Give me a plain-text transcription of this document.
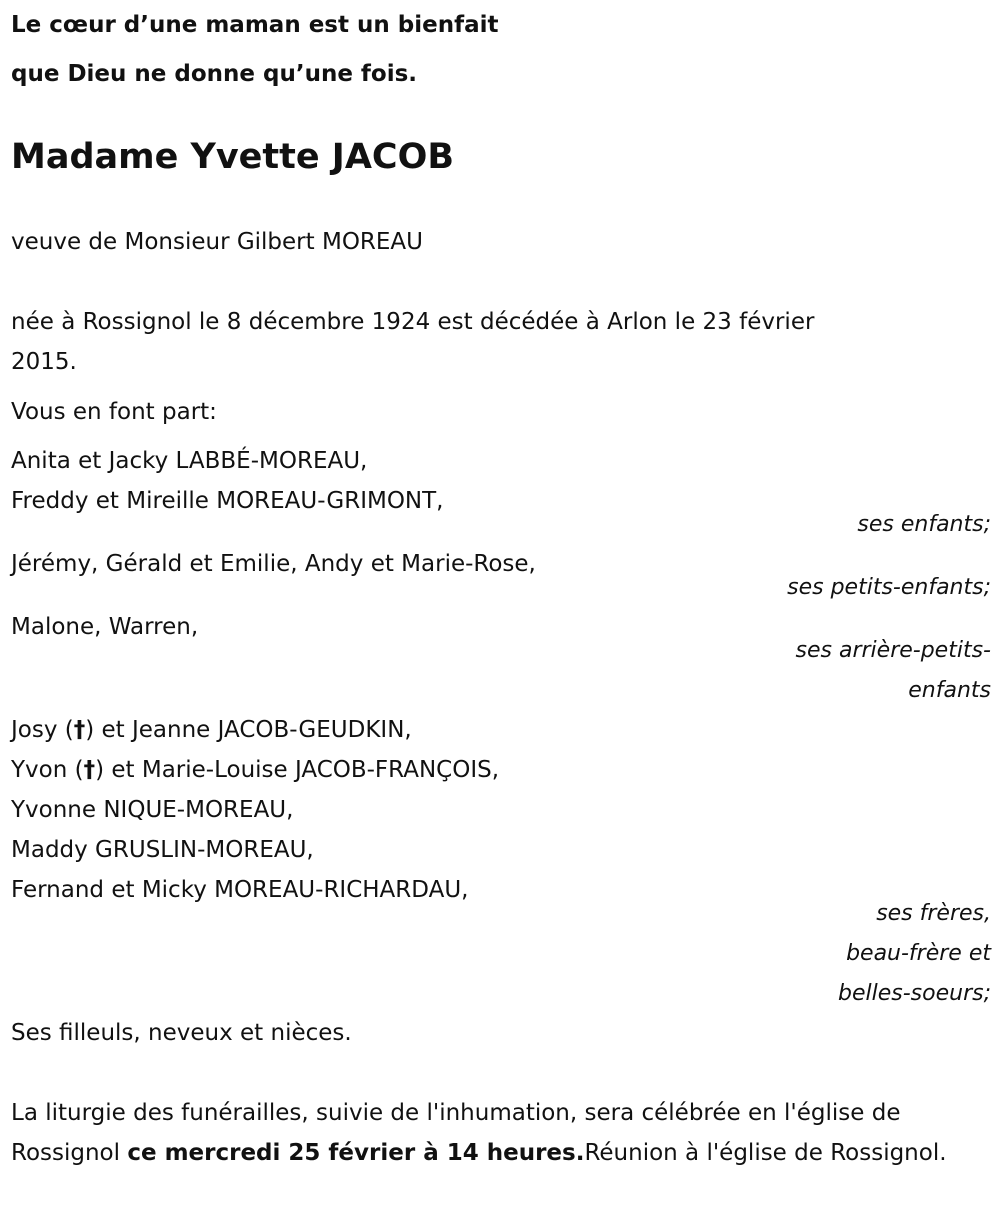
Le cœur d’une maman est un bienfait
que Dieu ne donne qu’une fois.
Madame Yvette JACOB
veuve de Monsieur Gilbert MOREAU
née à Rossignol le 8 décembre 1924 est décédée à Arlon le 23 février
2015.
Vous en font part:
Anita et Jacky LABBÉ-MOREAU,
Freddy et Mireille MOREAU-GRIMONT,
ses enfants;
Jérémy, Gérald et Emilie, Andy et Marie-Rose,
ses petits-enfants;
Malone, Warren,
ses arrière-petits-
enfants
Josy (†) et Jeanne JACOB-GEUDKIN,
Yvon (†) et Marie-Louise JACOB-FRANÇOIS,
Yvonne NIQUE-MOREAU,
Maddy GRUSLIN-MOREAU,
Fernand et Micky MOREAU-RICHARDAU,
ses frères,
beau-frère et
belles-soeurs;
Ses filleuls, neveux et nièces.
La liturgie des funérailles, suivie de l'inhumation, sera célébrée en l'église de Rossignol ce mercredi 25 février à 14 heures.Réunion à l'église de Rossignol.
